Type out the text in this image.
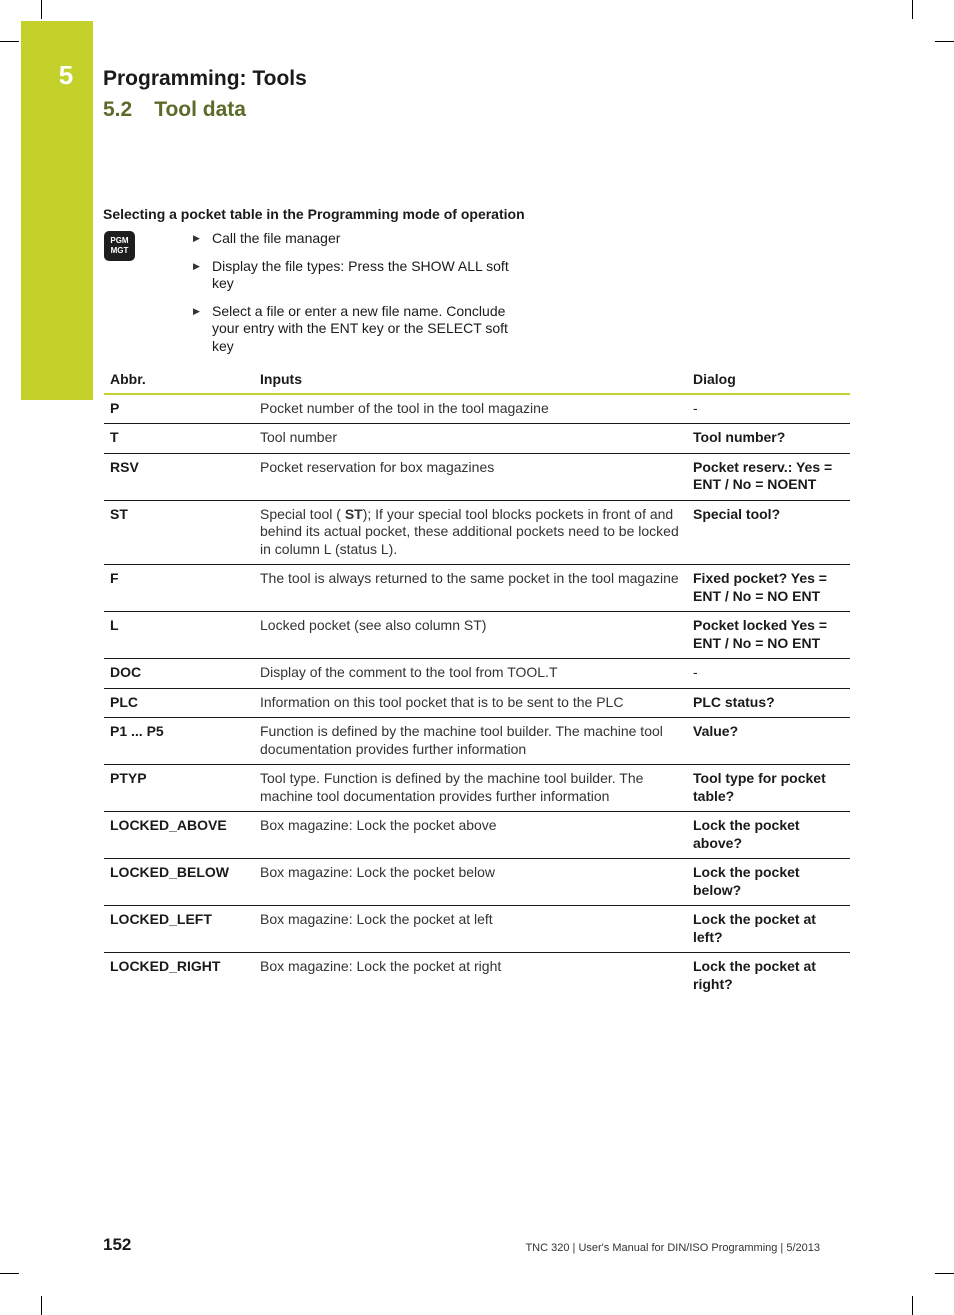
5	Programming: Tools
5.2 Tool data
Selecting a pocket table in the Programming mode of operation
PGM
MGT
▶ Call the file manager
▶ Display the file types: Press the SHOW ALL soft key
▶ Select a file or enter a new file name. Conclude your entry with the ENT key or the SELECT soft key
Abbr.	Inputs	Dialog
P	Pocket number of the tool in the tool magazine	-
T	Tool number	Tool number?
RSV	Pocket reservation for box magazines	Pocket reserv.: Yes = ENT / No = NOENT
ST	Special tool ( ST); If your special tool blocks pockets in front of and behind its actual pocket, these additional pockets need to be locked in column L (status L).	Special tool?
F	The tool is always returned to the same pocket in the tool magazine	Fixed pocket? Yes = ENT / No = NO ENT
L	Locked pocket (see also column ST)	Pocket locked Yes = ENT / No = NO ENT
DOC	Display of the comment to the tool from TOOL.T	-
PLC	Information on this tool pocket that is to be sent to the PLC	PLC status?
P1 ... P5	Function is defined by the machine tool builder. The machine tool documentation provides further information	Value?
PTYP	Tool type. Function is defined by the machine tool builder. The machine tool documentation provides further information	Tool type for pocket table?
LOCKED_ABOVE	Box magazine: Lock the pocket above	Lock the pocket above?
LOCKED_BELOW	Box magazine: Lock the pocket below	Lock the pocket below?
LOCKED_LEFT	Box magazine: Lock the pocket at left	Lock the pocket at left?
LOCKED_RIGHT	Box magazine: Lock the pocket at right	Lock the pocket at right?
152	TNC 320 | User's Manual for DIN/ISO Programming | 5/2013
